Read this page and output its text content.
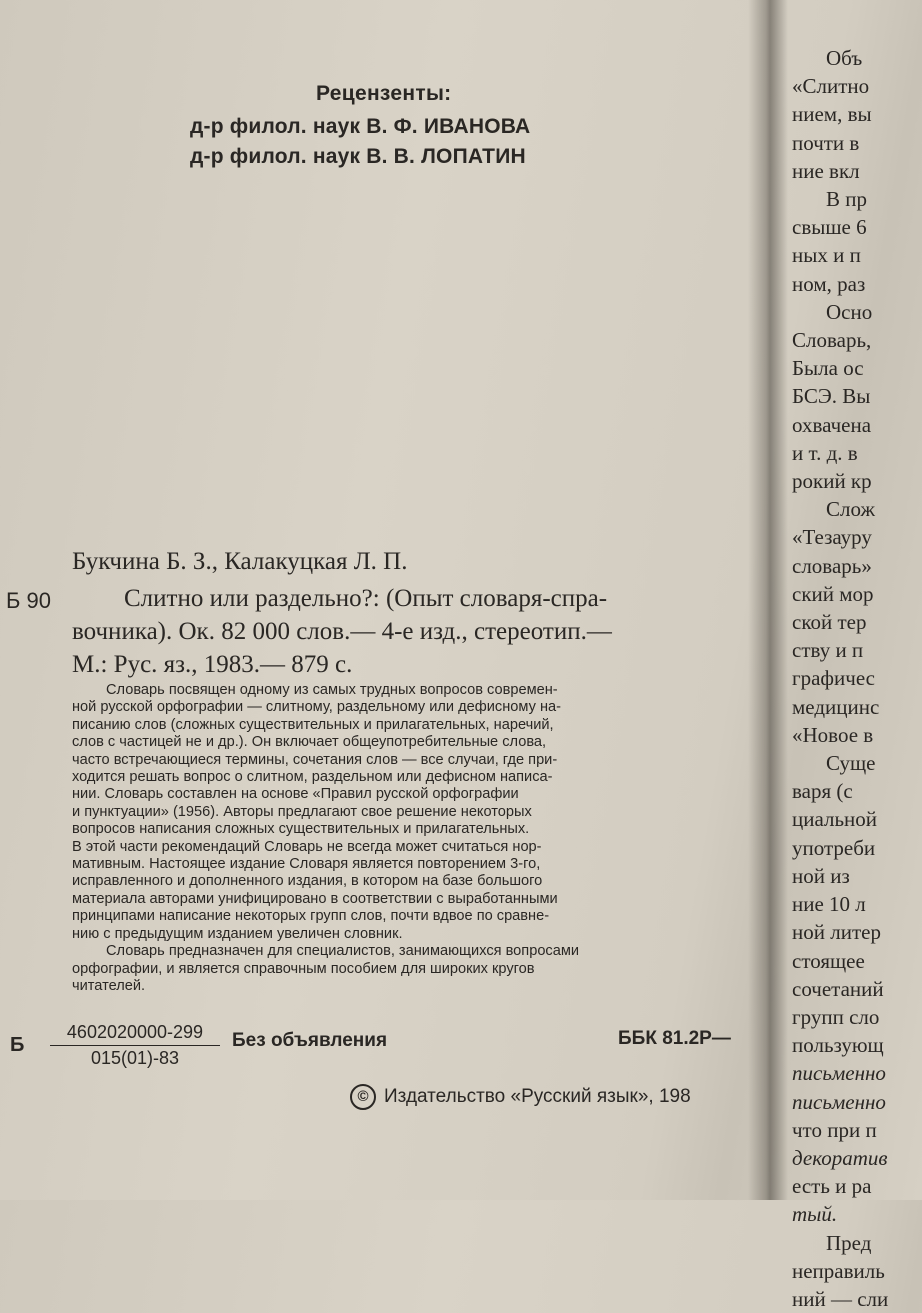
Рецензенты:
д-р филол. наук В. Ф. ИВАНОВА
д-р филол. наук В. В. ЛОПАТИН
Букчина Б. З., Калакуцкая Л. П.
Б 90	Слитно или раздельно?: (Опыт словаря-спра-
вочника). Ок. 82 000 слов.— 4-е изд., стереотип.—
М.: Рус. яз., 1983.— 879 с.
Словарь посвящен одному из самых трудных вопросов современ-
ной русской орфографии — слитному, раздельному или дефисному на-
писанию слов (сложных существительных и прилагательных, наречий,
слов с частицей не и др.). Он включает общеупотребительные слова,
часто встречающиеся термины, сочетания слов — все случаи, где при-
ходится решать вопрос о слитном, раздельном или дефисном написа-
нии. Словарь составлен на основе «Правил русской орфографии
и пунктуации» (1956). Авторы предлагают свое решение некоторых
вопросов написания сложных существительных и прилагательных.
В этой части рекомендаций Словарь не всегда может считаться нор-
мативным. Настоящее издание Словаря является повторением 3-го,
исправленного и дополненного издания, в котором на базе большого
материала авторами унифицировано в соответствии с выработанными
принципами написание некоторых групп слов, почти вдвое по сравне-
нию с предыдущим изданием увеличен словник.
Словарь предназначен для специалистов, занимающихся вопросами
орфографии, и является справочным пособием для широких кругов
читателей.
Б
4602020000-299
015(01)-83
Без объявления	ББК 81.2Р—
© Издательство «Русский язык», 198
Объ
«Слитно
нием, вы
почти в
ние вкл
В пр
свыше 6
ных и п
ном, раз
Осно
Словарь,
Была ос
БСЭ. Вы
охвачена
и т. д. в
рокий кр
Слож
«Тезауру
словарь»
ский мор
ской тер
ству и п
графичес
медицинс
«Новое в
Суще
варя (с
циальной
употреби
ной из
ние 10 л
ной литер
стоящее
сочетаний
групп сло
пользующ
письменно
письменно
что при п
декоратив
есть и ра
тый.
Пред
неправиль
ний — сли
